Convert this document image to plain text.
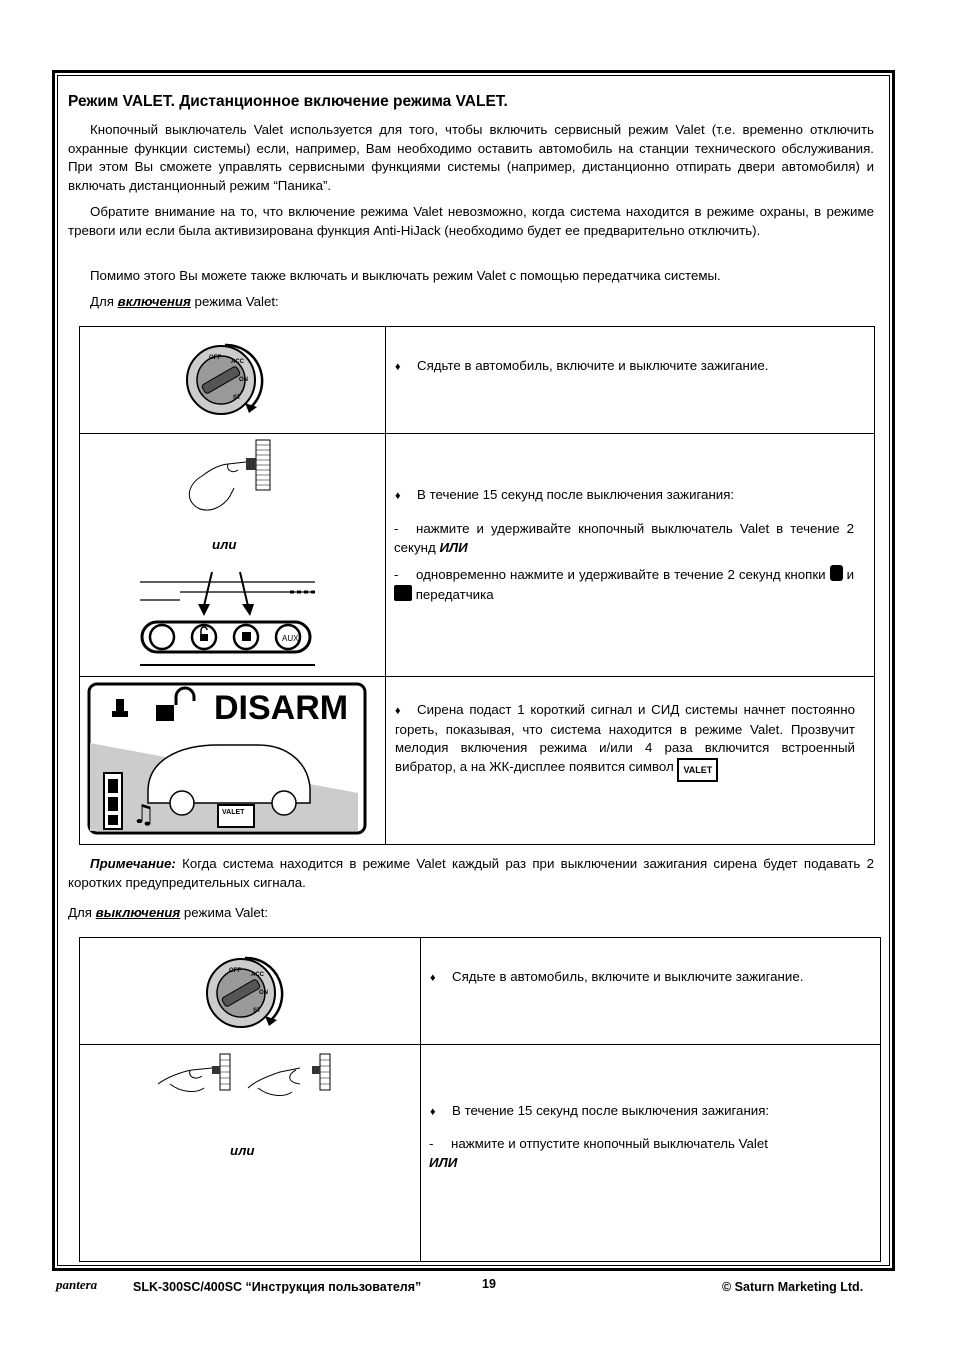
Режим VALET. Дистанционное включение режима VALET.
Кнопочный выключатель Valet используется для того, чтобы включить сервисный режим Valet (т.е. временно отключить охранные функции системы) если, например, Вам необходимо оставить автомобиль на станции технического обслуживания. При этом Вы сможете управлять сервисными функциями системы (например, дистанционно отпирать двери автомобиля) и включать дистанционный режим “Паника”.
Обратите внимание на то, что включение режима Valet невозможно, когда система находится в режиме охраны, в режиме тревоги или если была активизирована функция Anti-HiJack (необходимо будет ее предварительно отключить).
Помимо этого Вы можете также включать и выключать режим Valet с помощью передатчика системы.
Для включения режима Valet:
OFF
ACC
ON
ST
♦ Сядьте в автомобиль, включите и выключите зажигание.
или
AUX
♦ В течение 15 секунд после выключения зажигания:
- нажмите и удерживайте кнопочный выключатель Valet в течение 2 секунд ИЛИ
- одновременно нажмите и удерживайте в течение 2 секунд кнопки и  передатчика
DISARM
♫	VALET
♦ Сирена подаст 1 короткий сигнал и СИД системы начнет постоянно гореть, показывая, что система находится в режиме Valet. Прозвучит мелодия включения режима и/или 4 раза включится встроенный вибратор, а на ЖК-дисплее появится символ VALET
Примечание: Когда система находится в режиме Valet каждый раз при выключении зажигания сирена будет подавать 2 коротких предупредительных сигнала.
Для выключения режима Valet:
OFF
ACC
ON
ST
♦ Сядьте в автомобиль, включите и выключите зажигание.
или
♦ В течение 15 секунд после выключения зажигания:
- нажмите и отпустите кнопочный выключатель Valet
ИЛИ
pantera	SLK-300SC/400SC “Инструкция пользователя”	19	© Saturn Marketing Ltd.
